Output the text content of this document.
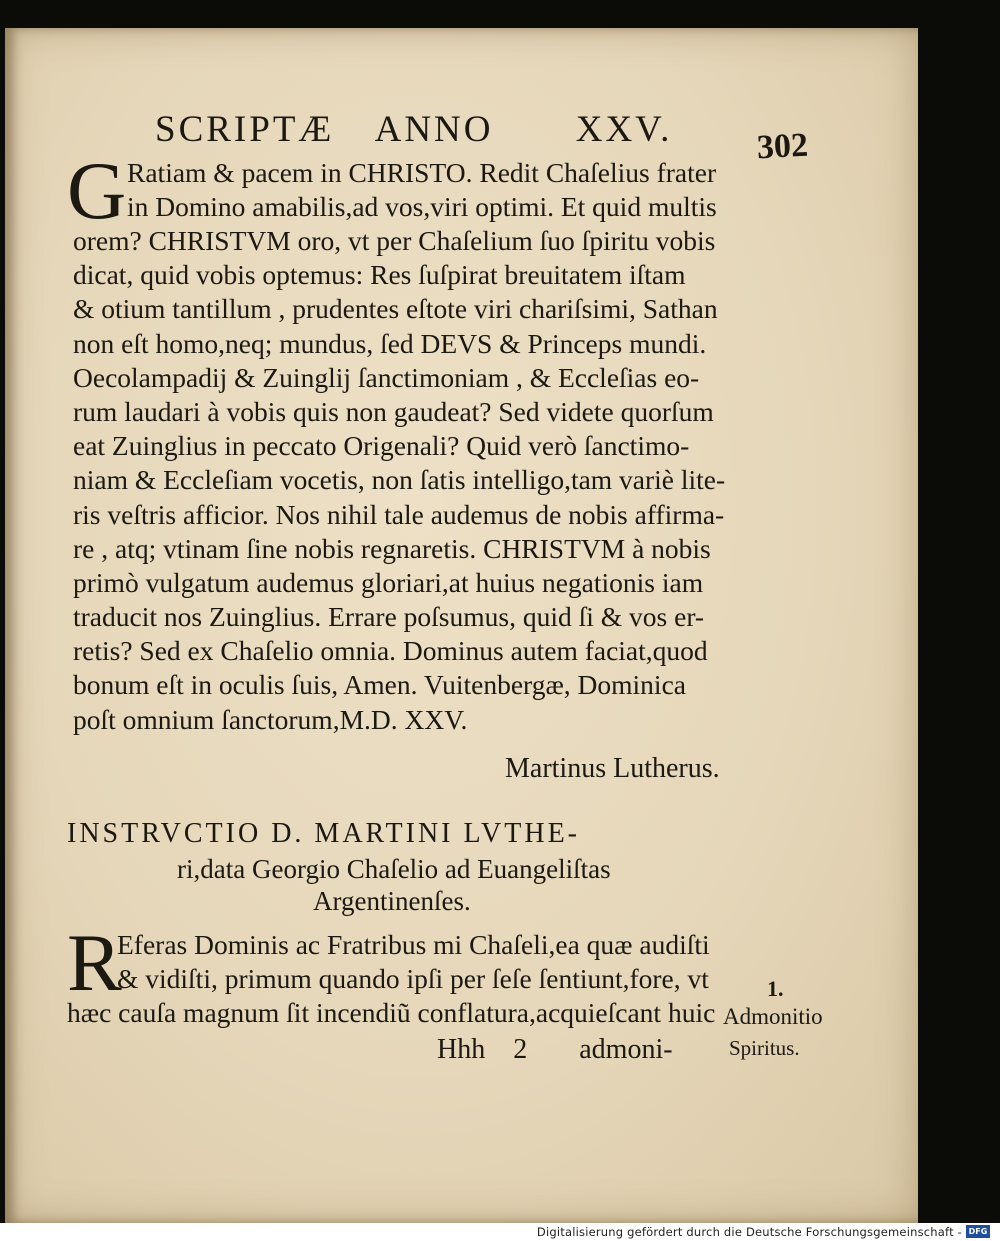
SCRIPTÆ ANNO XXV. 302
G Ratiam & pacem in CHRISTO. Redit Chaſelius frater
in Domino amabilis,ad vos,viri optimi. Et quid multis
orem? CHRISTVM oro, vt per Chaſelium ſuo ſpiritu vobis
dicat, quid vobis optemus: Res ſuſpirat breuitatem iſtam
& otium tantillum , prudentes eſtote viri chariſsimi, Sathan
non eſt homo,neq; mundus, ſed DEVS & Princeps mundi.
Oecolampadij & Zuinglij ſanctimoniam , & Eccleſias eo-
rum laudari à vobis quis non gaudeat? Sed videte quorſum
eat Zuinglius in peccato Origenali? Quid verò ſanctimo-
niam & Eccleſiam vocetis, non ſatis intelligo,tam variè lite-
ris veſtris afficior. Nos nihil tale audemus de nobis affirma-
re , atq; vtinam ſine nobis regnaretis. CHRISTVM à nobis
primò vulgatum audemus gloriari,at huius negationis iam
traducit nos Zuinglius. Errare poſsumus, quid ſi & vos er-
retis? Sed ex Chaſelio omnia. Dominus autem faciat,quod
bonum eſt in oculis ſuis, Amen. Vuitenbergæ, Dominica
poſt omnium ſanctorum,M.D. XXV.
Martinus Lutherus.
INSTRVCTIO D. MARTINI LVTHE-
ri,data Georgio Chaſelio ad Euangeliſtas
Argentinenſes.
R
Eferas Dominis ac Fratribus mi Chaſeli,ea quæ audiſti
& vidiſti, primum quando ipſi per ſeſe ſentiunt,fore, vt
hæc cauſa magnum ſit incendiũ conflatura,acquieſcant huic
1.
Admonitio
Spiritus.
Hhh 2 admoni-
Digitalisierung gefördert durch die Deutsche Forschungsgemeinschaft - DFG
